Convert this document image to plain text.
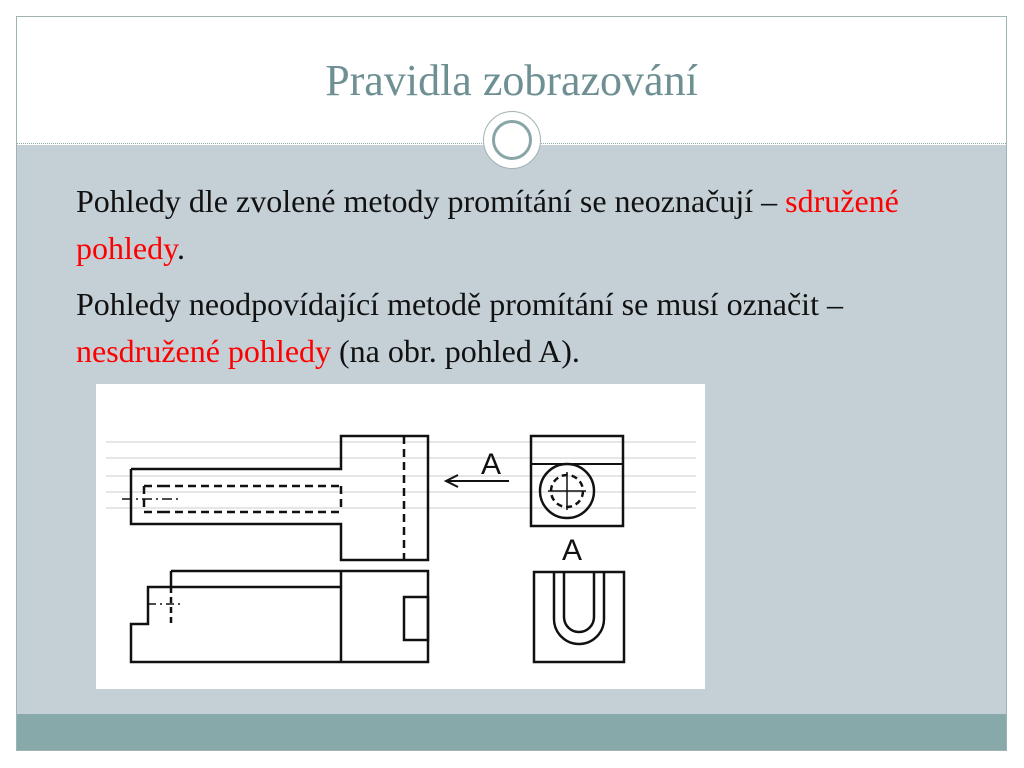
Pravidla zobrazování
Pohledy dle zvolené metody promítání se neoznačují – sdružené pohledy.
Pohledy neodpovídající metodě promítání se musí označit – nesdružené pohledy (na obr. pohled A).
A
A
